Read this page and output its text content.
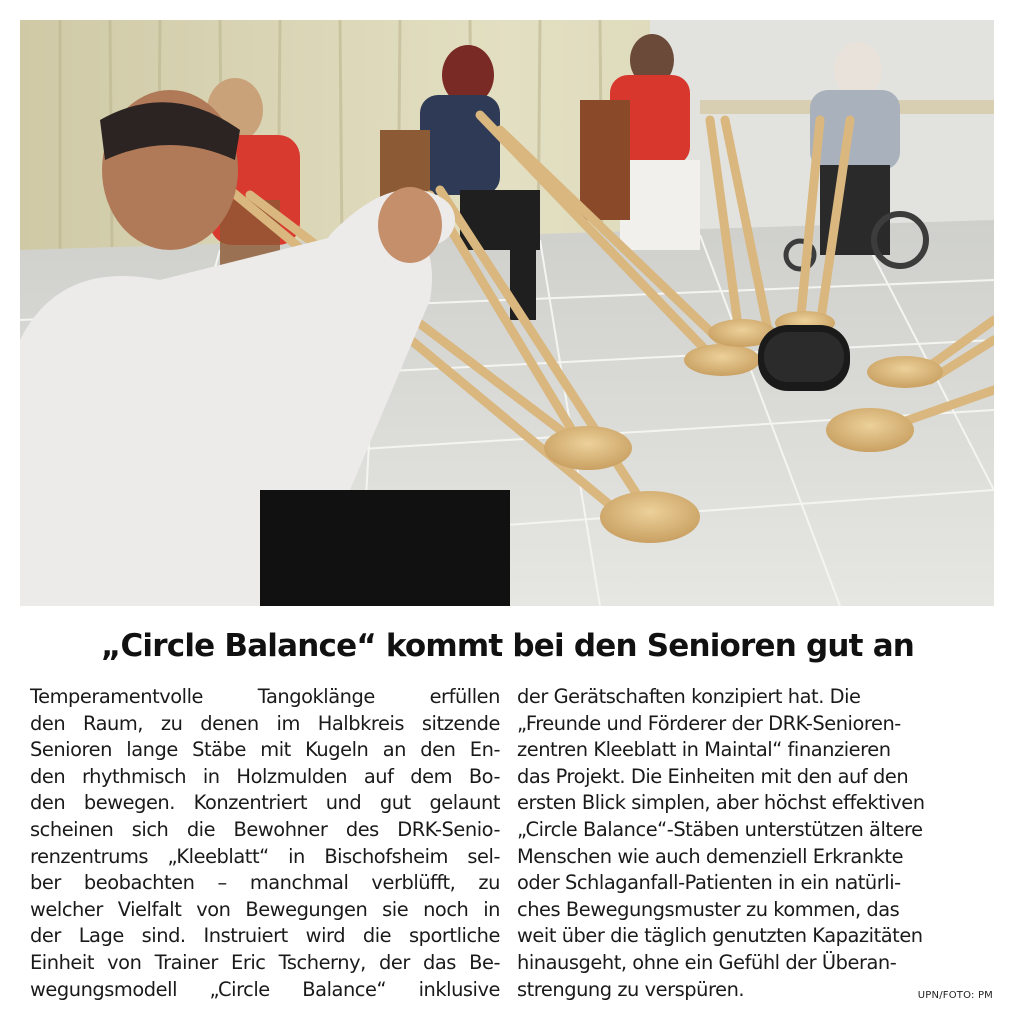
„Circle Balance“ kommt bei den Senioren gut an
Temperamentvolle Tangoklänge erfüllen
den Raum, zu denen im Halbkreis sitzende
Senioren lange Stäbe mit Kugeln an den En-
den rhythmisch in Holzmulden auf dem Bo-
den bewegen. Konzentriert und gut gelaunt
scheinen sich die Bewohner des DRK-Senio-
renzentrums „Kleeblatt“ in Bischofsheim sel-
ber beobachten – manchmal verblüfft, zu
welcher Vielfalt von Bewegungen sie noch in
der Lage sind. Instruiert wird die sportliche
Einheit von Trainer Eric Tscherny, der das Be-
wegungsmodell „Circle Balance“ inklusive
der Gerätschaften konzipiert hat. Die
„Freunde und Förderer der DRK-Senioren-
zentren Kleeblatt in Maintal“ finanzieren
das Projekt. Die Einheiten mit den auf den
ersten Blick simplen, aber höchst effektiven
„Circle Balance“-Stäben unterstützen ältere
Menschen wie auch demenziell Erkrankte
oder Schlaganfall-Patienten in ein natürli-
ches Bewegungsmuster zu kommen, das
weit über die täglich genutzten Kapazitäten
hinausgeht, ohne ein Gefühl der Überan-
strengung zu verspüren.	UPN/FOTO: PM
